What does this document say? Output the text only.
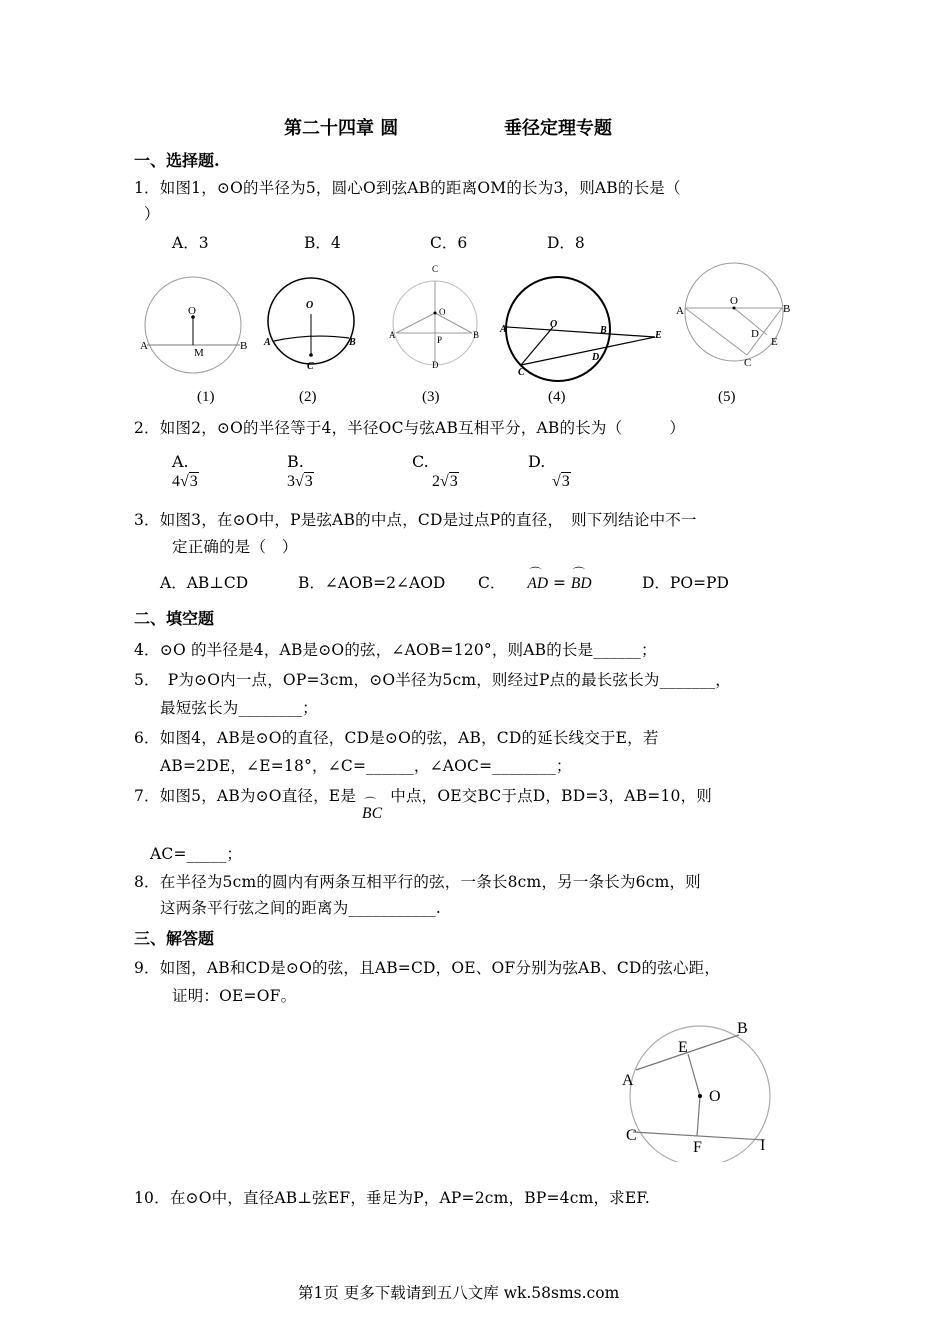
第二十四章 圆	垂径定理专题
一、选择题.
1．如图1，⊙O的半径为5，圆心O到弦AB的距离OM的长为3，则AB的长是（
）
A．3	B．4	C．6	D．8
O
A	B
M
O
A	B
C
C
O
A	B
P
D
A	O
B	E
C
D
A
O
B
D
E
C
(1)	(2)	(3)	(4)	(5)
2．如图2，⊙O的半径等于4，半径OC与弦AB互相平分，AB的长为（　　　）
A.
4√3
B.
3√3
C.
2√3
D.
√3
3．如图3，在⊙O中，P是弦AB的中点，CD是过点P的直径，　则下列结论中不一
定正确的是（　）
A．AB⊥CD	B．∠AOB=2∠AOD C．⌒ AD = ⌒ BD	D．PO=PD
二、填空题
4．⊙O 的半径是4，AB是⊙O的弦，∠AOB=120°，则AB的长是______；
5．　P为⊙O内一点，OP=3cm，⊙O半径为5cm，则经过P点的最长弦长为_______，
最短弦长为________；
6．如图4，AB是⊙O的直径，CD是⊙O的弦，AB，CD的延长线交于E，若
AB=2DE，∠E=18°，∠C=______，∠AOC=________；
7．如图5，AB为⊙O直径，E是⌒ BC中点，OE交BC于点D，BD=3，AB=10，则
AC=_____；
8．在半径为5cm的圆内有两条互相平行的弦，一条长8cm，另一条长为6cm，则
这两条平行弦之间的距离为___________.
三、解答题
9．如图，AB和CD是⊙O的弦，且AB=CD，OE、OF分别为弦AB、CD的弦心距，
证明：OE=OF。
A
B
E
O
C
F	I
10．在⊙O中，直径AB⊥弦EF，垂足为P，AP=2cm，BP=4cm，求EF.
第1页 更多下载请到五八文库 wk.58sms.com
